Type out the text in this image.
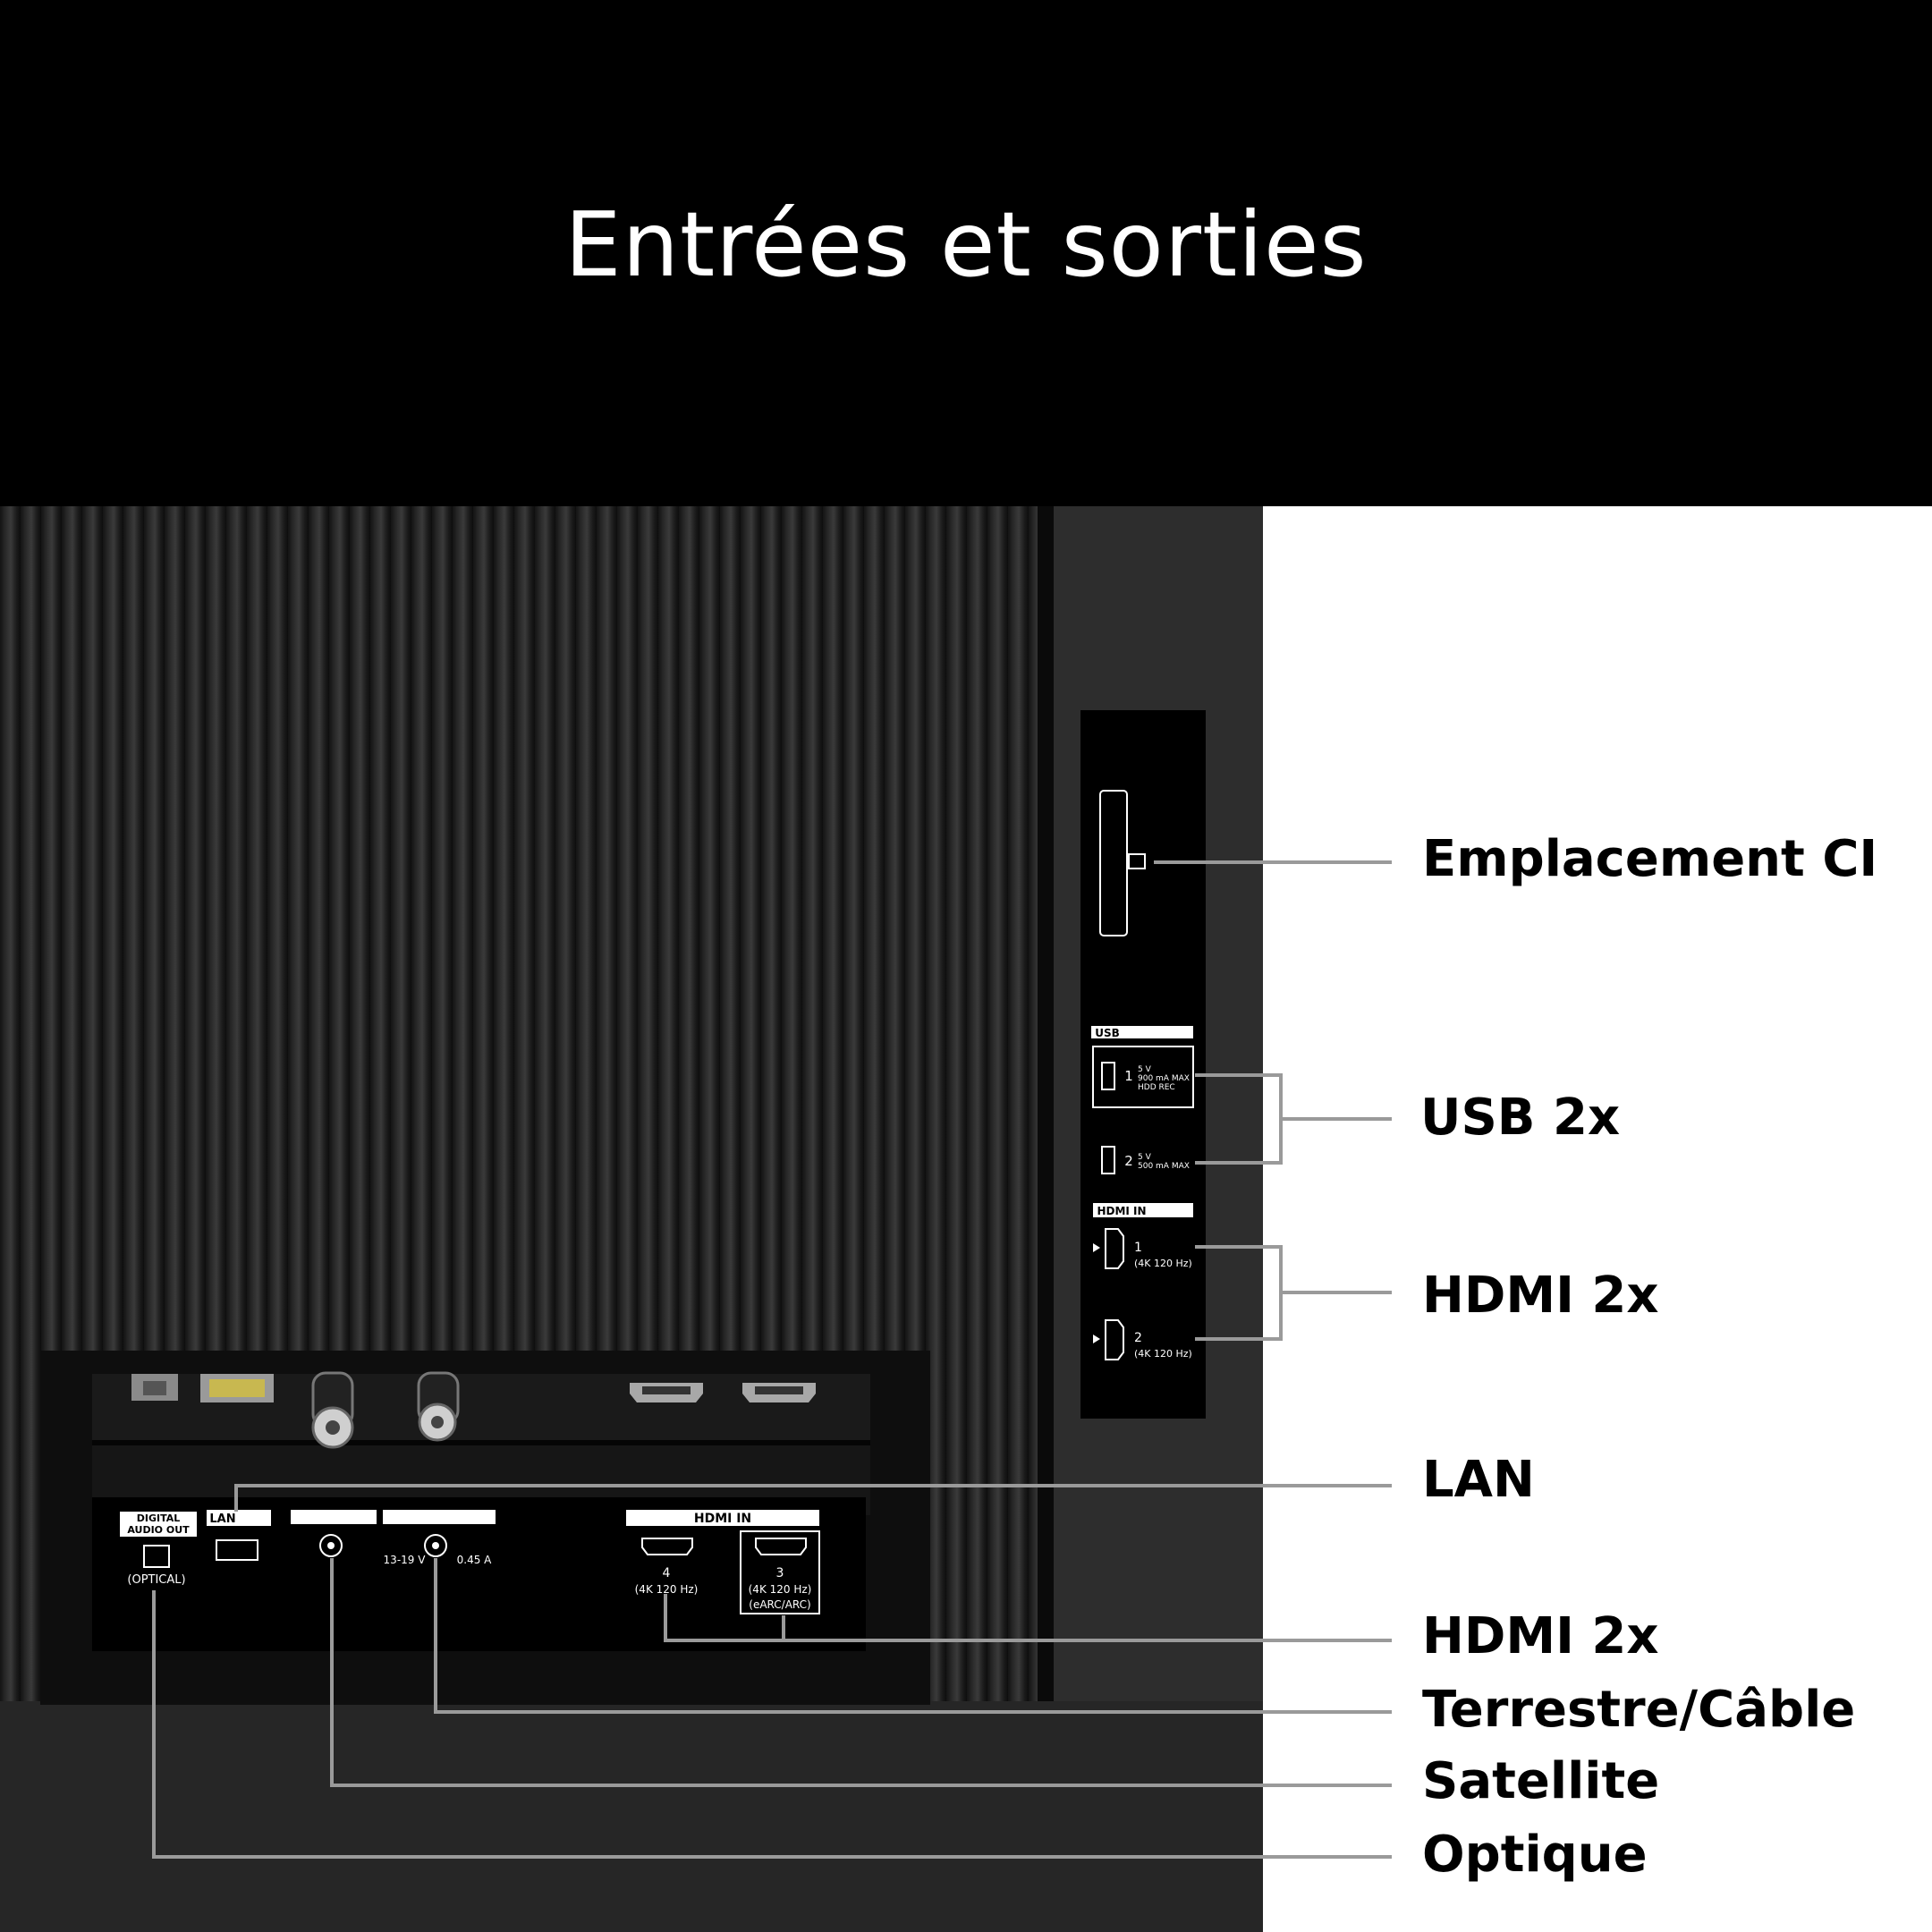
Entrées et sorties
DIGITAL
AUDIO OUT
(OPTICAL)
LAN
13-19 V	0.45 A
HDMI IN
4
(4K 120 Hz)
3
(4K 120 Hz)
(eARC/ARC)
USB
1 5 V
900 mA MAX
HDD REC
2 5 V
500 mA MAX
HDMI IN
1
(4K 120 Hz)
2
(4K 120 Hz)
Emplacement CI
USB 2x
HDMI 2x
LAN
HDMI 2x
Terrestre/Câble
Satellite
Optique
